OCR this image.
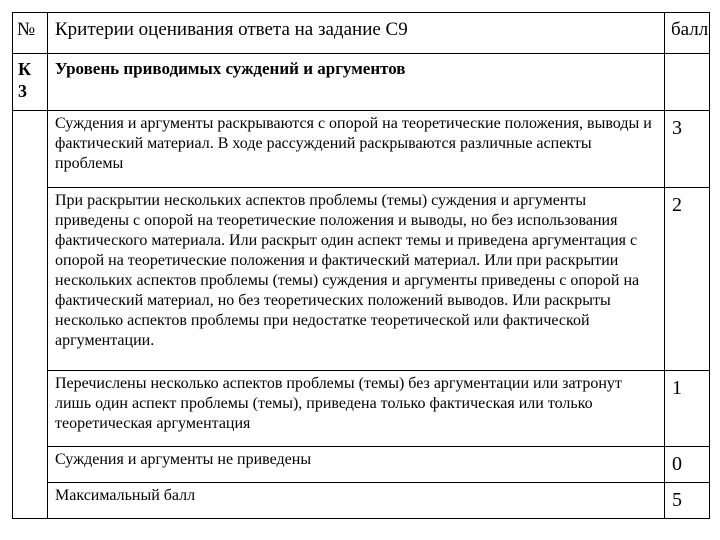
№	Критерии оценивания ответа на задание С9	балл

К
3	Уровень приводимых суждений и аргументов	
	Суждения и аргументы раскрываются с опорой на теоретические положения, выводы и фактический материал. В ходе рассуждений раскрываются различные аспекты проблемы	3
	При раскрытии нескольких аспектов проблемы (темы) суждения и аргументы приведены с опорой на теоретические положения и выводы, но без использования фактического материала. Или раскрыт один аспект темы и приведена аргументация с опорой на теоретические положения и фактический материал. Или при раскрытии нескольких аспектов проблемы (темы) суждения и аргументы приведены с опорой на фактический материал, но без теоретических положений выводов. Или раскрыты несколько аспектов проблемы при недостатке теоретической или фактической аргументации.	2
	Перечислены несколько аспектов проблемы (темы) без аргументации или затронут лишь один аспект проблемы (темы), приведена только фактическая или только теоретическая аргументация	1
	Суждения и аргументы не приведены	0
	Максимальный балл	5
